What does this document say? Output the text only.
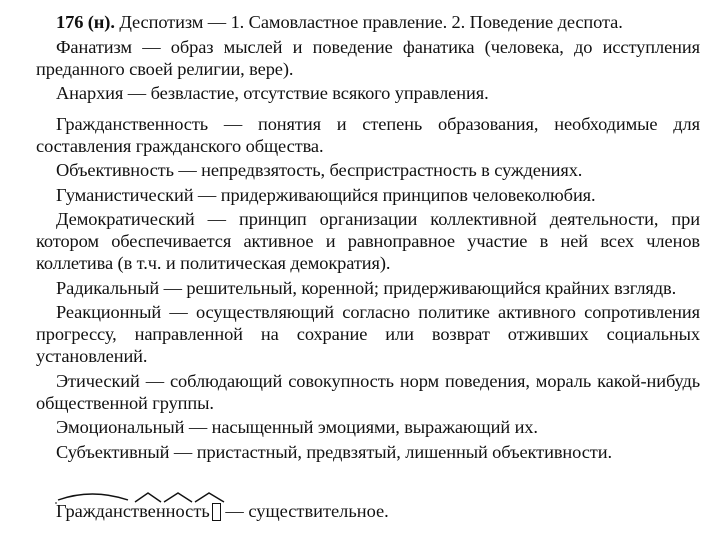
176 (н). Деспотизм — 1. Самовластное правление. 2. Поведение деспота.

Фанатизм — образ мыслей и поведение фанатика (человека, до исступления преданного своей религии, вере).

Анархия — безвластие, отсутствие всякого управления.

Гражданственность — понятия и степень образования, необходимые для составления гражданского общества.

Объективность — непредвзятость, беспристрастность в суждениях.

Гуманистический — придерживающийся принципов человеколюбия.

Демократический — принцип организации коллективной деятельности, при котором обеспечивается активное и равноправное участие в ней всех членов коллетива (в т.ч. и политическая демократия).

Радикальный — решительный, коренной; придерживающийся крайних взглядв.

Реакционный — осуществляющий согласно политике активного сопротивления прогрессу, направленной на сохрание или возврат отживших социальных установлений.

Этический — соблюдающий совокупность норм поведения, мораль какой-нибудь общественной группы.

Эмоциональный — насыщенный эмоциями, выражающий их.

Субъективный — пристастный, предвзятый, лишенный объективности.

Гражданственность — существительное.
